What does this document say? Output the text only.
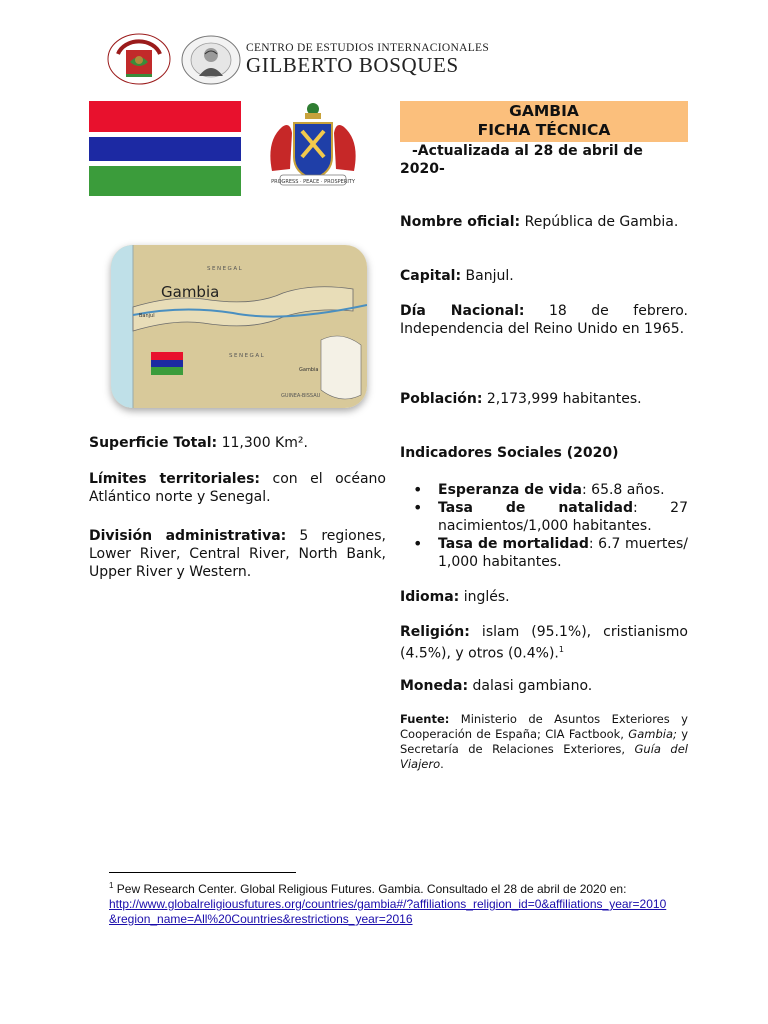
CENTRO DE ESTUDIOS INTERNACIONALES
GILBERTO BOSQUES
PROGRESS · PEACE · PROSPERITY
SENEGAL
SENEGAL
GUINEA-BISSAU
Banjul
Gambia
Gambia
GAMBIA
FICHA TÉCNICA
-Actualizada al 28 de abril de 2020-
Nombre oficial: República de Gambia.
Capital: Banjul.
Día Nacional: 18 de febrero. Independencia del Reino Unido en 1965.
Población: 2,173,999 habitantes.
Indicadores Sociales (2020)
• Esperanza de vida: 65.8 años.
• Tasa de natalidad: 27 nacimientos/1,000 habitantes.
• Tasa de mortalidad: 6.7 muertes/ 1,000 habitantes.
Idioma: inglés.
Religión: islam (95.1%), cristianismo (4.5%), y otros (0.4%).$^1$
Moneda: dalasi gambiano.
Fuente: Ministerio de Asuntos Exteriores y Cooperación de España; CIA Factbook, Gambia; y Secretaría de Relaciones Exteriores, Guía del Viajero.
Superficie Total: 11,300 Km².
Límites territoriales: con el océano Atlántico norte y Senegal.
División administrativa: 5 regiones, Lower River, Central River, North Bank, Upper River y Western.
$^1$ Pew Research Center. Global Religious Futures. Gambia. Consultado el 28 de abril de 2020 en:
http://www.globalreligiousfutures.org/countries/gambia#/?affiliations_religion_id=0&affiliations_year=2010&region_name=All%20Countries&restrictions_year=2016
